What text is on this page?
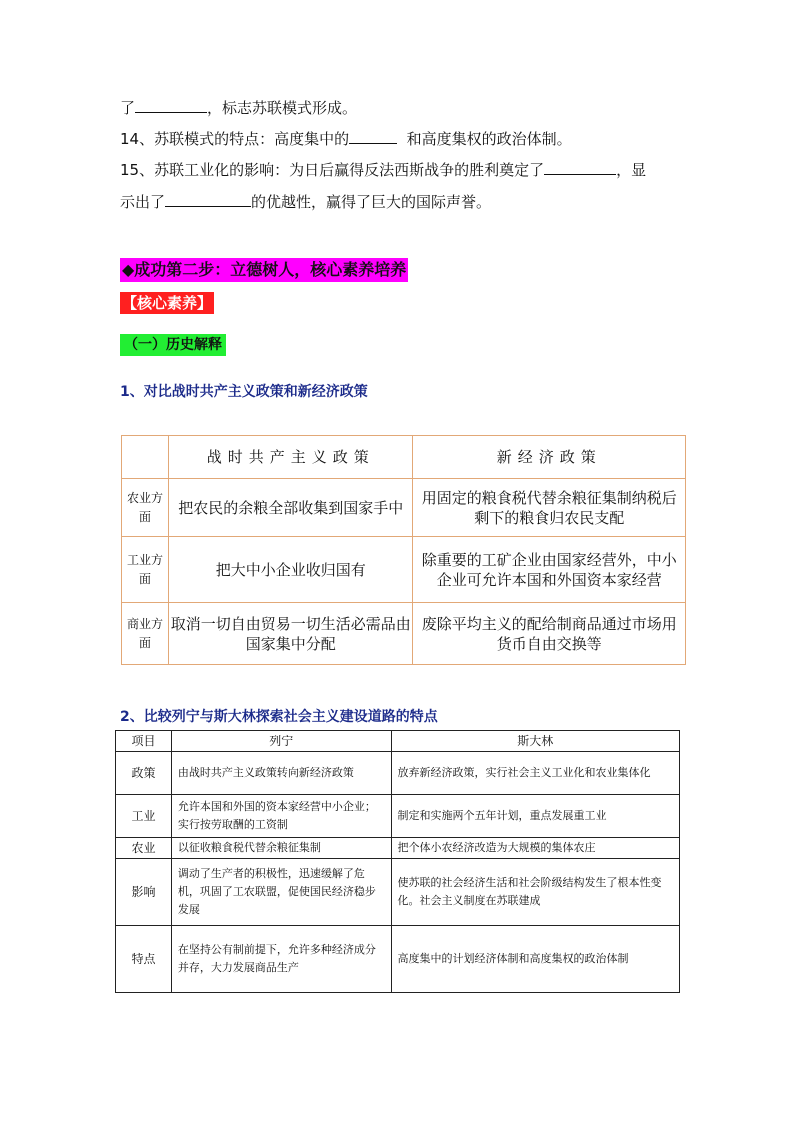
了	，标志苏联模式形成。
14、苏联模式的特点：高度集中的	和高度集权的政治体制。
15、苏联工业化的影响：为日后赢得反法西斯战争的胜利奠定了	，显
示出了	的优越性，赢得了巨大的国际声誉。
◆成功第二步：立德树人，核心素养培养
【核心素养】
（一）历史解释
1、对比战时共产主义政策和新经济政策
	战时共产主义政策	新经济政策
农业方面	把农民的余粮全部收集到国家手中	用固定的粮食税代替余粮征集制纳税后剩下的粮食归农民支配
工业方面	把大中小企业收归国有	除重要的工矿企业由国家经营外，中小企业可允许本国和外国资本家经营
商业方面	取消一切自由贸易一切生活必需品由国家集中分配	废除平均主义的配给制商品通过市场用货币自由交换等
2、比较列宁与斯大林探索社会主义建设道路的特点
项目	列宁	斯大林
政策	由战时共产主义政策转向新经济政策	放弃新经济政策，实行社会主义工业化和农业集体化
工业	允许本国和外国的资本家经营中小企业；实行按劳取酬的工资制	制定和实施两个五年计划，重点发展重工业
农业	以征收粮食税代替余粮征集制	把个体小农经济改造为大规模的集体农庄
影响	调动了生产者的积极性，迅速缓解了危机，巩固了工农联盟，促使国民经济稳步发展	使苏联的社会经济生活和社会阶级结构发生了根本性变化。社会主义制度在苏联建成
特点	在坚持公有制前提下，允许多种经济成分并存，大力发展商品生产	高度集中的计划经济体制和高度集权的政治体制
